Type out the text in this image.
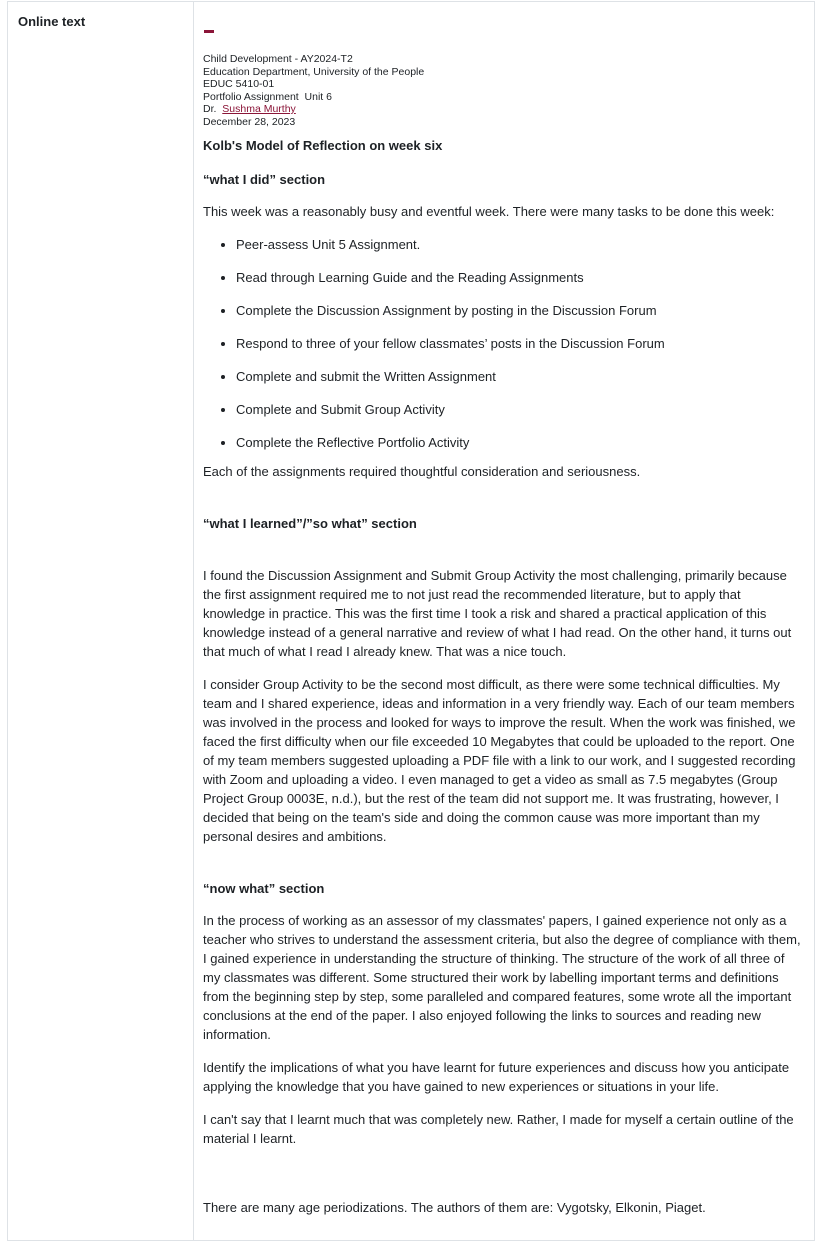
Online text
Child Development - AY2024-T2
Education Department, University of the People
EDUC 5410-01
Portfolio Assignment  Unit 6
Dr. Sushma Murthy
December 28, 2023
Kolb's Model of Reflection on week six
“what I did” section

This week was a reasonably busy and eventful week. There were many tasks to be done this week:

• Peer-assess Unit 5 Assignment.
• Read through Learning Guide and the Reading Assignments
• Complete the Discussion Assignment by posting in the Discussion Forum
• Respond to three of your fellow classmates’ posts in the Discussion Forum
• Complete and submit the Written Assignment
• Complete and Submit Group Activity
• Complete the Reflective Portfolio Activity

Each of the assignments required thoughtful consideration and seriousness.

“what I learned”/”so what” section

I found the Discussion Assignment and Submit Group Activity the most challenging, primarily because the first assignment required me to not just read the recommended literature, but to apply that knowledge in practice. This was the first time I took a risk and shared a practical application of this knowledge instead of a general narrative and review of what I had read. On the other hand, it turns out that much of what I read I already knew. That was a nice touch.

I consider Group Activity to be the second most difficult, as there were some technical difficulties. My team and I shared experience, ideas and information in a very friendly way. Each of our team members was involved in the process and looked for ways to improve the result. When the work was finished, we faced the first difficulty when our file exceeded 10 Megabytes that could be uploaded to the report. One of my team members suggested uploading a PDF file with a link to our work, and I suggested recording with Zoom and uploading a video. I even managed to get a video as small as 7.5 megabytes (Group Project Group 0003E, n.d.), but the rest of the team did not support me. It was frustrating, however, I decided that being on the team's side and doing the common cause was more important than my personal desires and ambitions.

“now what” section

In the process of working as an assessor of my classmates' papers, I gained experience not only as a teacher who strives to understand the assessment criteria, but also the degree of compliance with them, I gained experience in understanding the structure of thinking. The structure of the work of all three of my classmates was different. Some structured their work by labelling important terms and definitions from the beginning step by step, some paralleled and compared features, some wrote all the important conclusions at the end of the paper. I also enjoyed following the links to sources and reading new information.

Identify the implications of what you have learnt for future experiences and discuss how you anticipate applying the knowledge that you have gained to new experiences or situations in your life.

I can't say that I learnt much that was completely new. Rather, I made for myself a certain outline of the material I learnt.

There are many age periodizations. The authors of them are: Vygotsky, Elkonin, Piaget.
